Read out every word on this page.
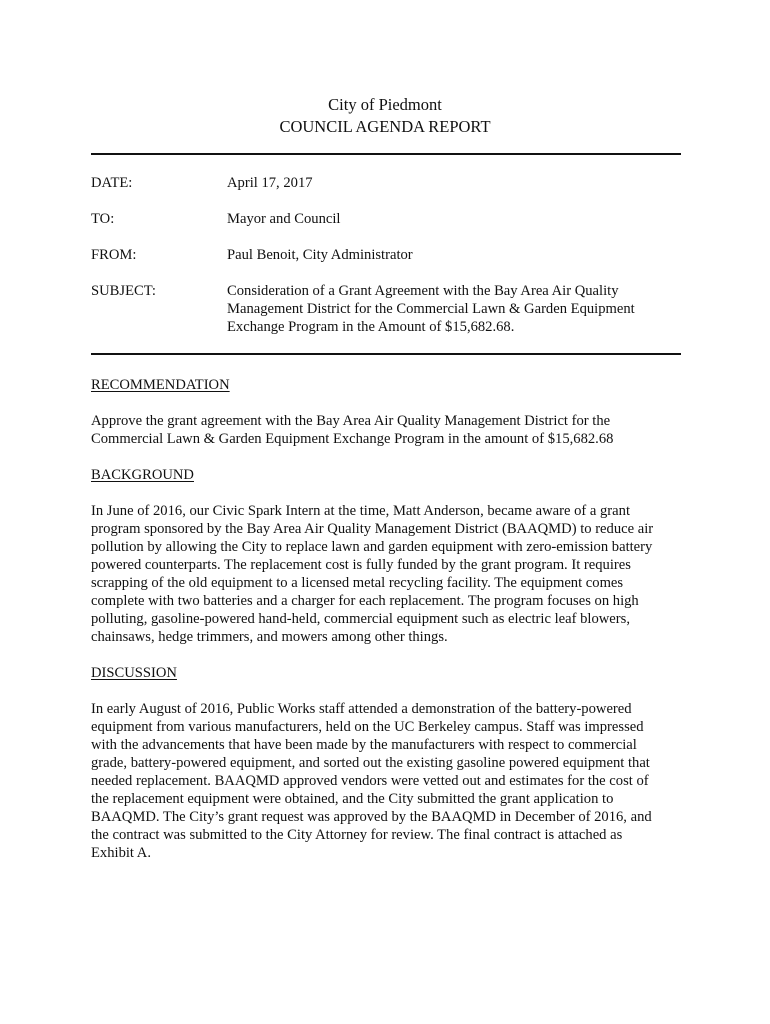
City of Piedmont
COUNCIL AGENDA REPORT
DATE:	April 17, 2017
TO:	Mayor and Council
FROM:	Paul Benoit, City Administrator
SUBJECT:	Consideration of a Grant Agreement with the Bay Area Air Quality
Management District for the Commercial Lawn & Garden Equipment
Exchange Program in the Amount of $15,682.68.
RECOMMENDATION
Approve the grant agreement with the Bay Area Air Quality Management District for the
Commercial Lawn & Garden Equipment Exchange Program in the amount of $15,682.68
BACKGROUND
In June of 2016, our Civic Spark Intern at the time, Matt Anderson, became aware of a grant
program sponsored by the Bay Area Air Quality Management District (BAAQMD) to reduce air
pollution by allowing the City to replace lawn and garden equipment with zero-emission battery
powered counterparts. The replacement cost is fully funded by the grant program. It requires
scrapping of the old equipment to a licensed metal recycling facility. The equipment comes
complete with two batteries and a charger for each replacement. The program focuses on high
polluting, gasoline-powered hand-held, commercial equipment such as electric leaf blowers,
chainsaws, hedge trimmers, and mowers among other things.
DISCUSSION
In early August of 2016, Public Works staff attended a demonstration of the battery-powered
equipment from various manufacturers, held on the UC Berkeley campus. Staff was impressed
with the advancements that have been made by the manufacturers with respect to commercial
grade, battery-powered equipment, and sorted out the existing gasoline powered equipment that
needed replacement. BAAQMD approved vendors were vetted out and estimates for the cost of
the replacement equipment were obtained, and the City submitted the grant application to
BAAQMD. The City’s grant request was approved by the BAAQMD in December of 2016, and
the contract was submitted to the City Attorney for review. The final contract is attached as
Exhibit A.
